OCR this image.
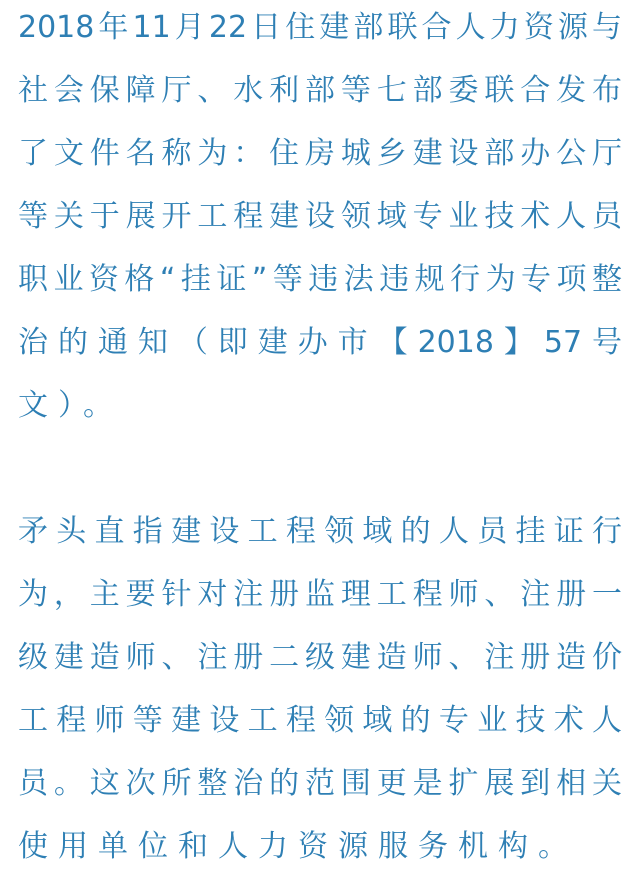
2018年11月22日住建部联合人力资源与
社会保障厅、水利部等七部委联合发布
了文件名称为：住房城乡建设部办公厅
等关于展开工程建设领域专业技术人员
职业资格“挂证”等违法违规行为专项整
治的通知（即建办市【2018】57号
文）。
矛头直指建设工程领域的人员挂证行
为，主要针对注册监理工程师、注册一
级建造师、注册二级建造师、注册造价
工程师等建设工程领域的专业技术人
员。这次所整治的范围更是扩展到相关
使用单位和人力资源服务机构。
